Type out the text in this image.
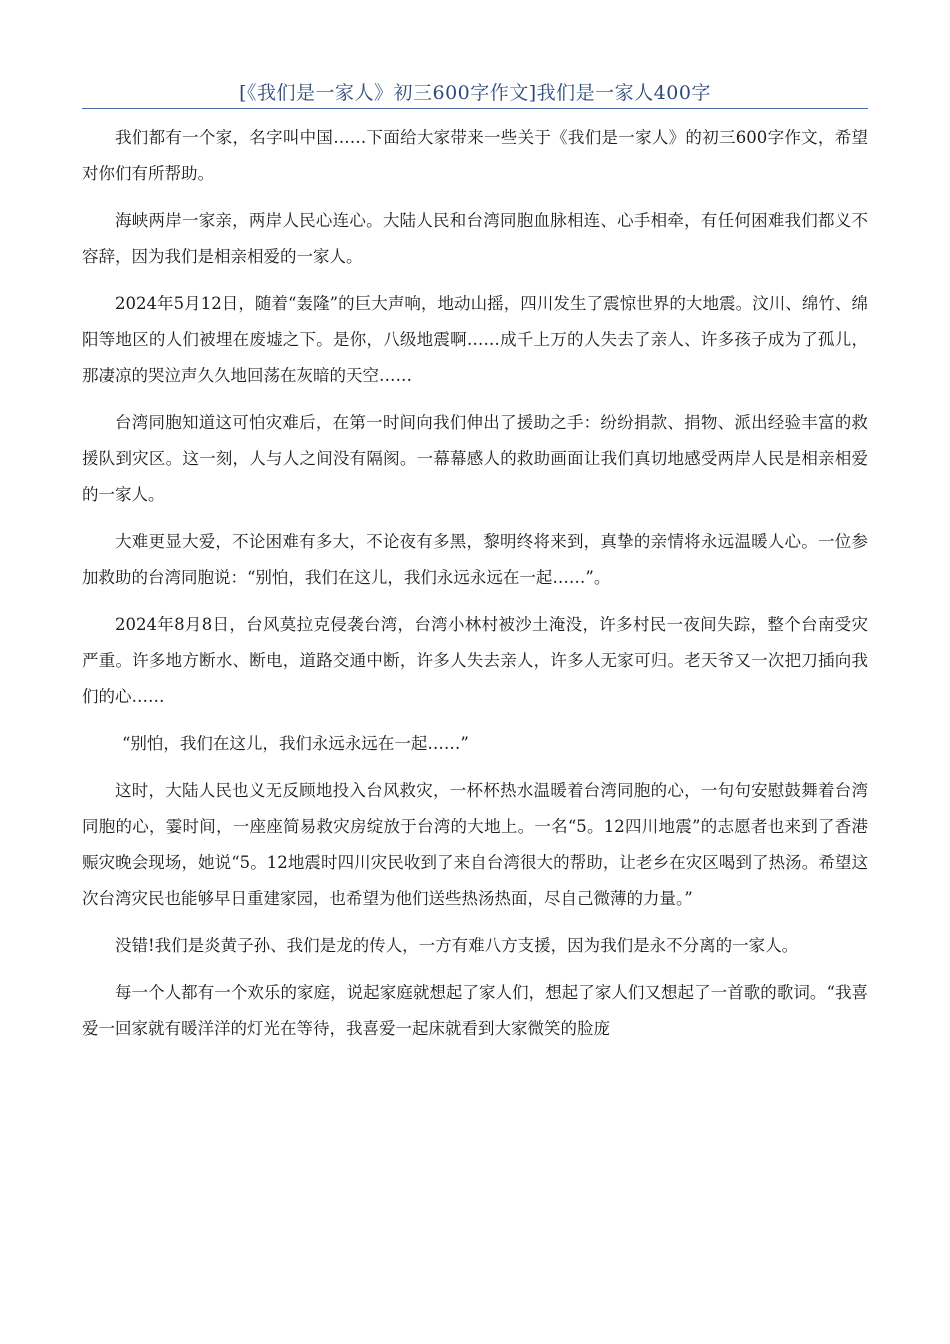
[《我们是一家人》初三600字作文]我们是一家人400字

我们都有一个家，名字叫中国……下面给大家带来一些关于《我们是一家人》的初三600字作文，希望对你们有所帮助。

海峡两岸一家亲，两岸人民心连心。大陆人民和台湾同胞血脉相连、心手相牵，有任何困难我们都义不容辞，因为我们是相亲相爱的一家人。

2024年5月12日，随着“轰隆”的巨大声响，地动山摇，四川发生了震惊世界的大地震。汶川、绵竹、绵阳等地区的人们被埋在废墟之下。是你，八级地震啊……成千上万的人失去了亲人、许多孩子成为了孤儿，那凄凉的哭泣声久久地回荡在灰暗的天空……

台湾同胞知道这可怕灾难后，在第一时间向我们伸出了援助之手：纷纷捐款、捐物、派出经验丰富的救援队到灾区。这一刻，人与人之间没有隔阂。一幕幕感人的救助画面让我们真切地感受两岸人民是相亲相爱的一家人。

大难更显大爱，不论困难有多大，不论夜有多黑，黎明终将来到，真挚的亲情将永远温暖人心。一位参加救助的台湾同胞说：“别怕，我们在这儿，我们永远永远在一起……”。

2024年8月8日，台风莫拉克侵袭台湾，台湾小林村被沙土淹没，许多村民一夜间失踪，整个台南受灾严重。许多地方断水、断电，道路交通中断，许多人失去亲人，许多人无家可归。老天爷又一次把刀插向我们的心……

“别怕，我们在这儿，我们永远永远在一起……”

这时，大陆人民也义无反顾地投入台风救灾，一杯杯热水温暖着台湾同胞的心，一句句安慰鼓舞着台湾同胞的心，霎时间，一座座简易救灾房绽放于台湾的大地上。一名“5。12四川地震”的志愿者也来到了香港赈灾晚会现场，她说“5。12地震时四川灾民收到了来自台湾很大的帮助，让老乡在灾区喝到了热汤。希望这次台湾灾民也能够早日重建家园，也希望为他们送些热汤热面，尽自己微薄的力量。”

没错!我们是炎黄子孙、我们是龙的传人，一方有难八方支援，因为我们是永不分离的一家人。

每一个人都有一个欢乐的家庭，说起家庭就想起了家人们，想起了家人们又想起了一首歌的歌词。“我喜爱一回家就有暖洋洋的灯光在等待，我喜爱一起床就看到大家微笑的脸庞
